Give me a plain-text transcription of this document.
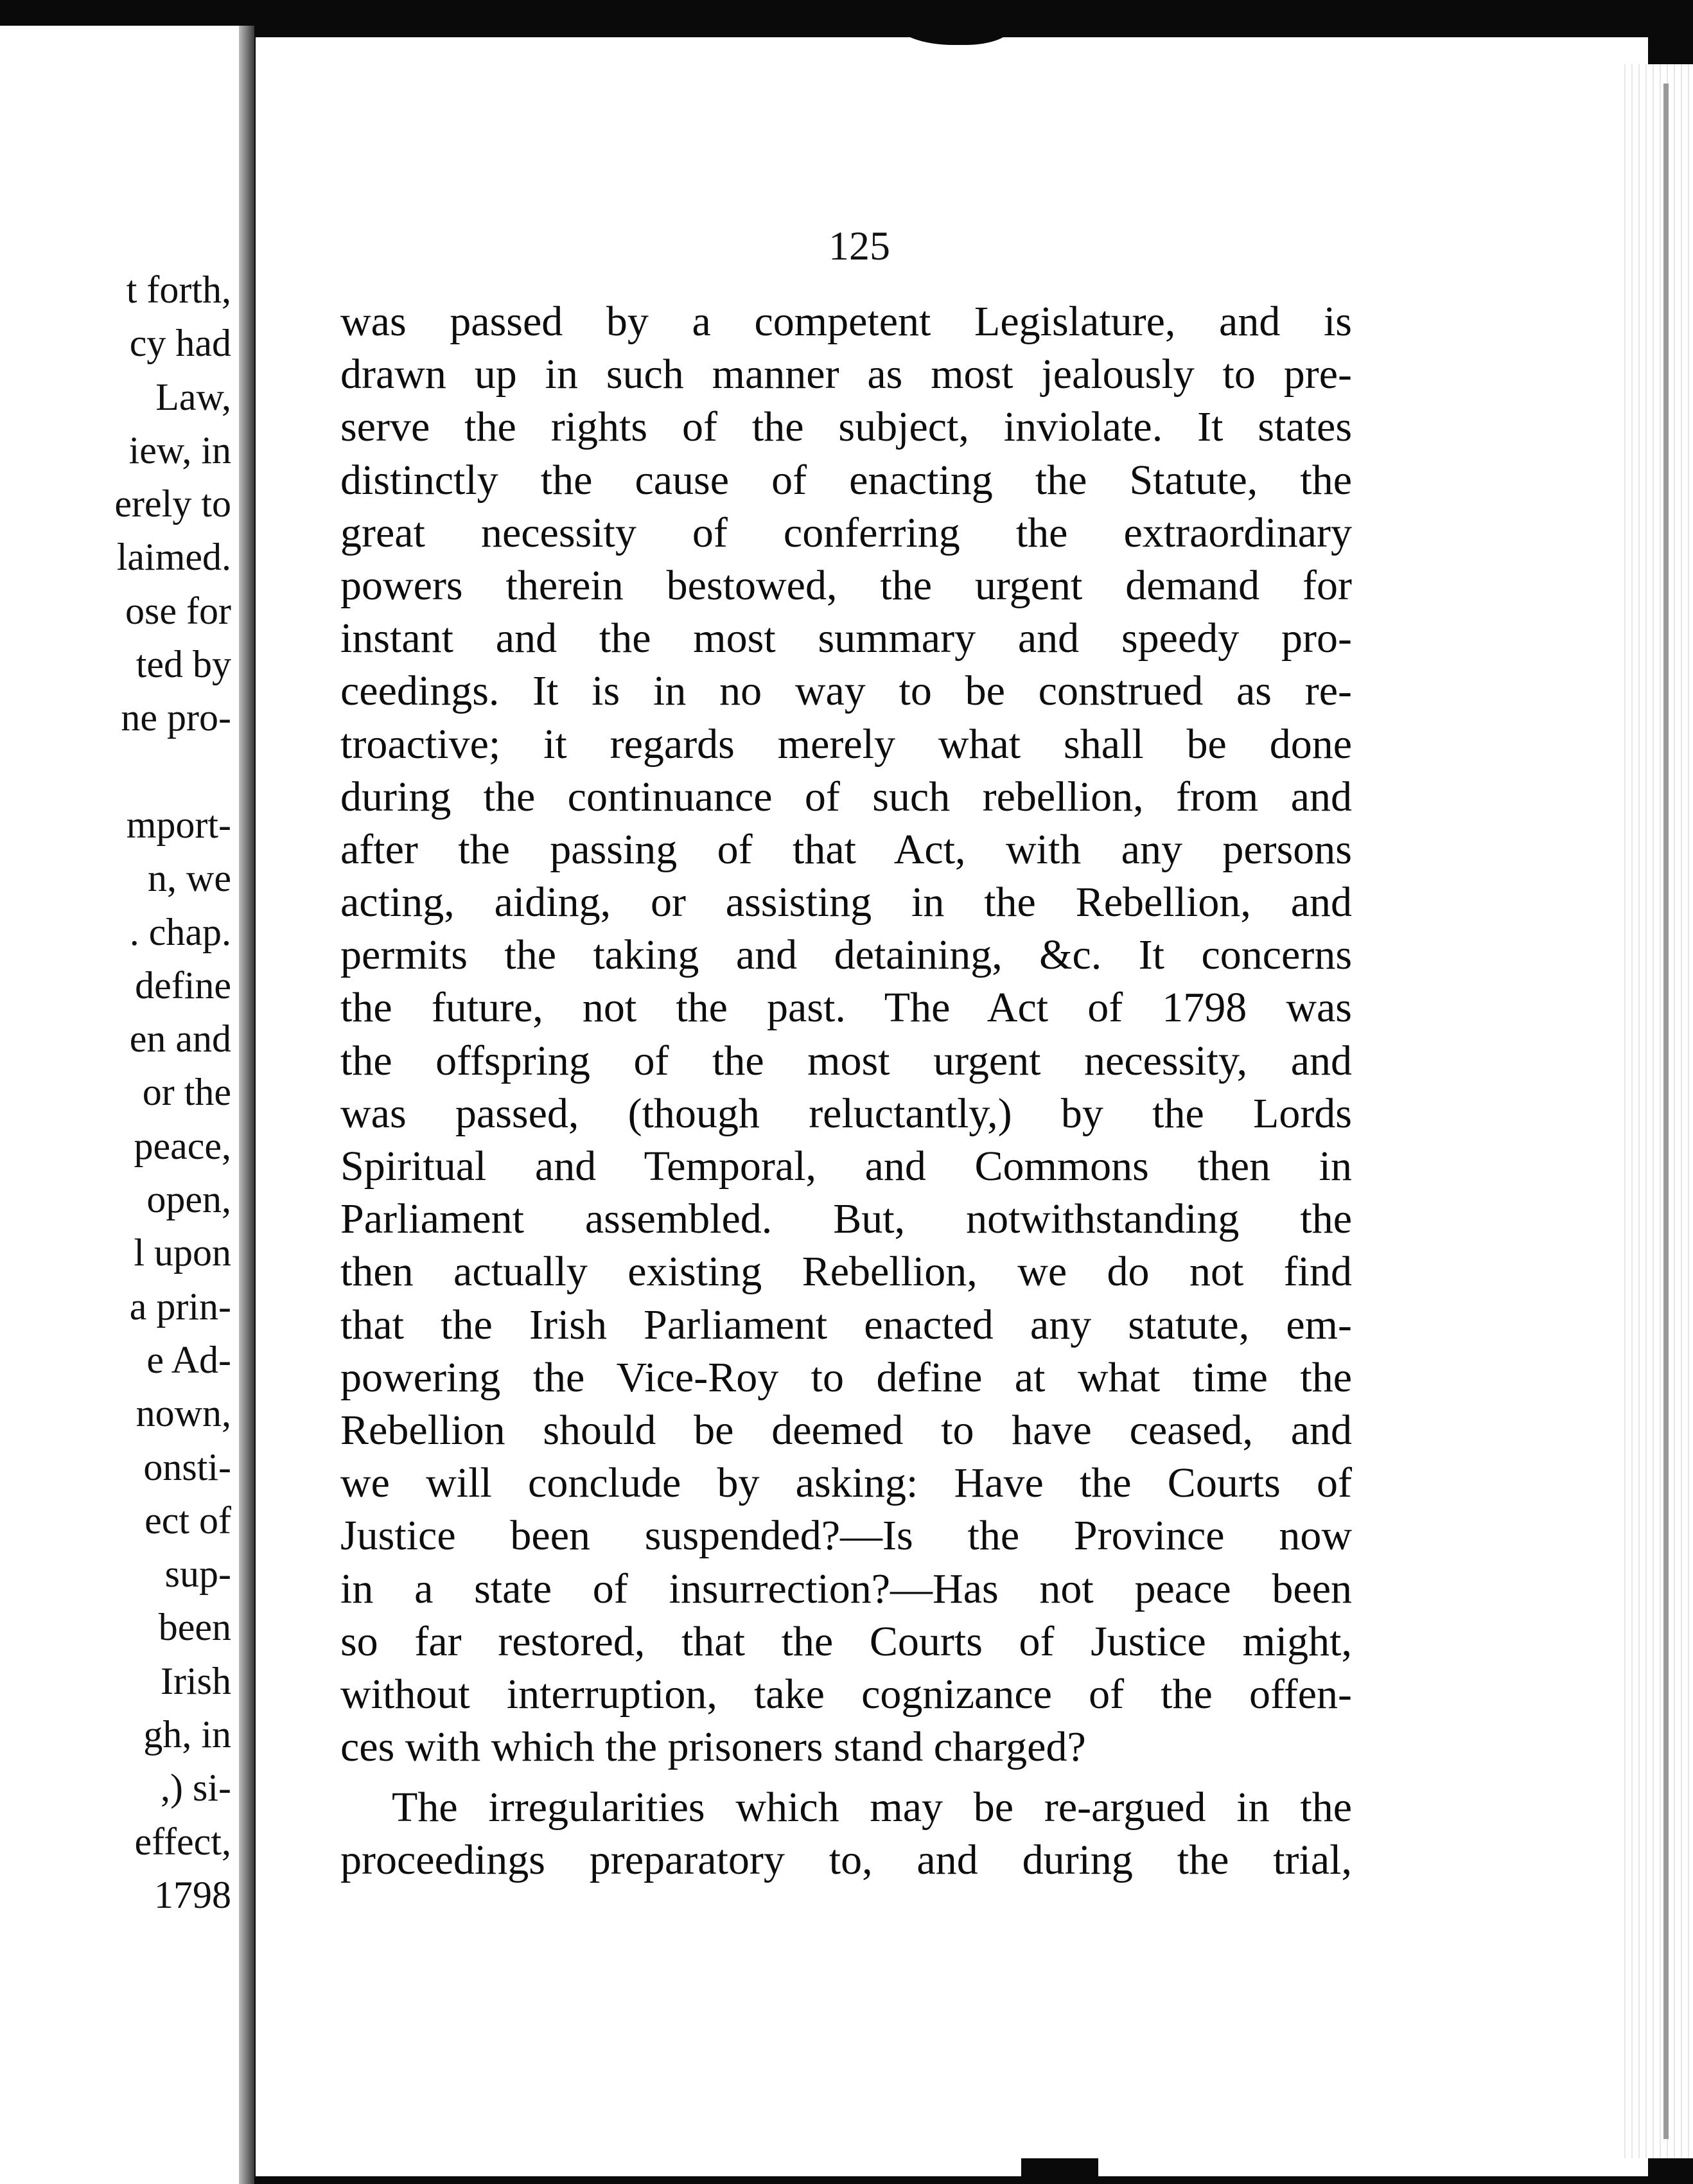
t forth,
cy had
Law,
iew, in
erely to
laimed.
ose for
ted by
ne pro-

mport-
n, we
. chap.
define
en and
or the
peace,
open,
l upon
a prin-
e Ad-
nown,
onsti-
ect of
sup-
been
Irish
gh, in
,) si-
effect,
1798
125
was passed by a competent Legislature, and is
drawn up in such manner as most jealously to pre-
serve the rights of the subject, inviolate. It states
distinctly the cause of enacting the Statute, the
great necessity of conferring the extraordinary
powers therein bestowed, the urgent demand for
instant and the most summary and speedy pro-
ceedings. It is in no way to be construed as re-
troactive; it regards merely what shall be done
during the continuance of such rebellion, from and
after the passing of that Act, with any persons
acting, aiding, or assisting in the Rebellion, and
permits the taking and detaining, &c. It concerns
the future, not the past. The Act of 1798 was
the offspring of the most urgent necessity, and
was passed, (though reluctantly,) by the Lords
Spiritual and Temporal, and Commons then in
Parliament assembled. But, notwithstanding the
then actually existing Rebellion, we do not find
that the Irish Parliament enacted any statute, em-
powering the Vice-Roy to define at what time the
Rebellion should be deemed to have ceased, and
we will conclude by asking: Have the Courts of
Justice been suspended?—Is the Province now
in a state of insurrection?—Has not peace been
so far restored, that the Courts of Justice might,
without interruption, take cognizance of the offen-
ces with which the prisoners stand charged?
The irregularities which may be re-argued in the
proceedings preparatory to, and during the trial,
